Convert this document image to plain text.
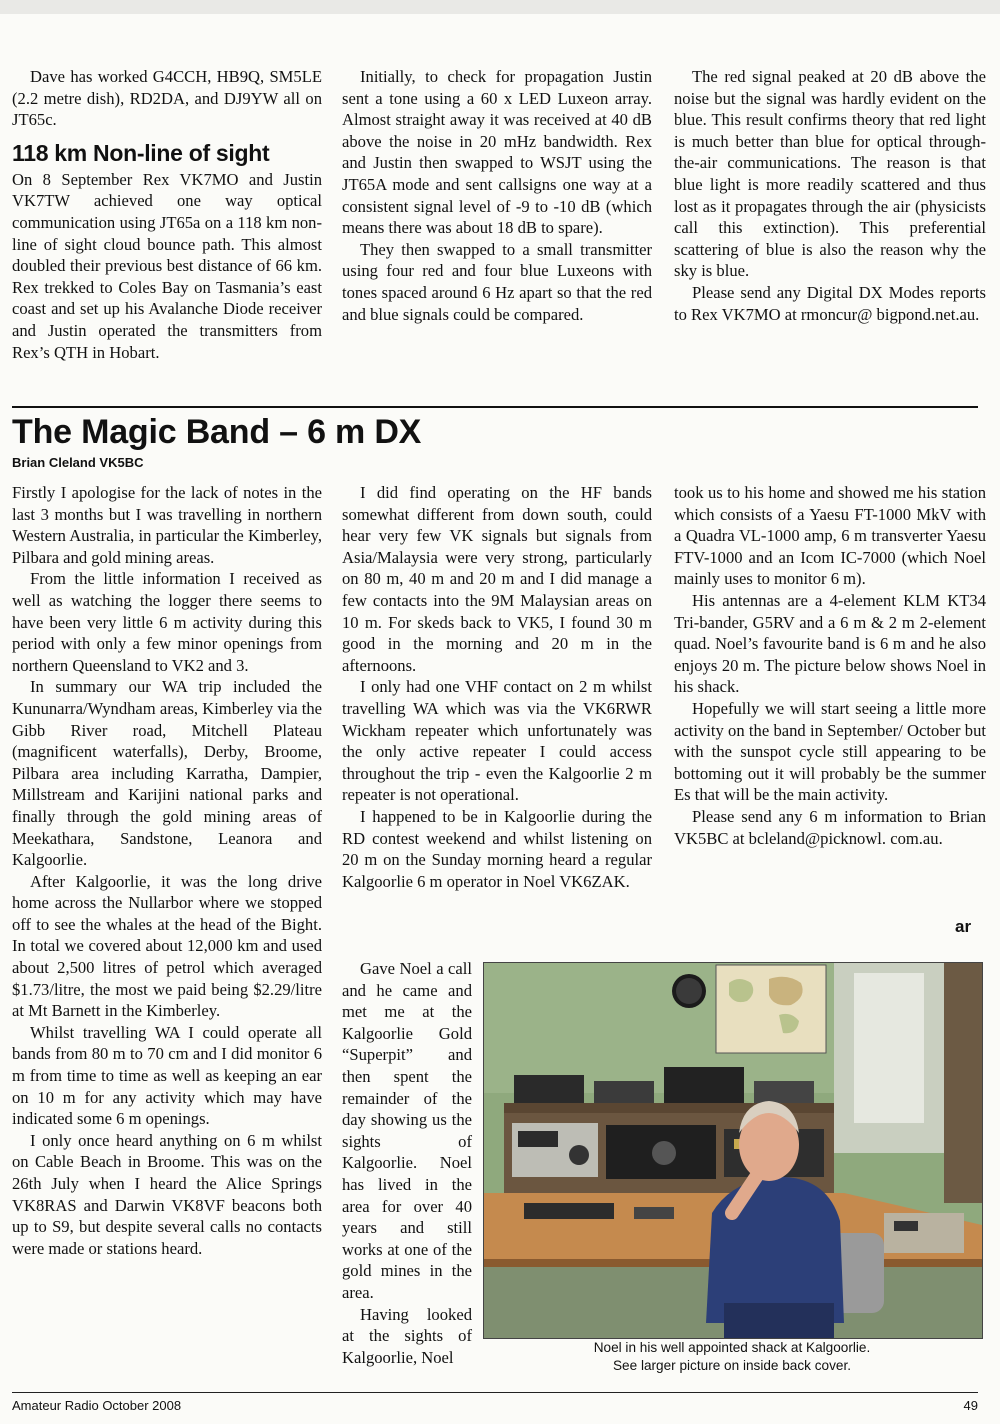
Dave has worked G4CCH, HB9Q, SM5LE (2.2 metre dish), RD2DA, and DJ9YW all on JT65c.

118 km Non-line of sight

On 8 September Rex VK7MO and Justin VK7TW achieved one way optical communication using JT65a on a 118 km non-line of sight cloud bounce path. This almost doubled their previous best distance of 66 km. Rex trekked to Coles Bay on Tasmania’s east coast and set up his Avalanche Diode receiver and Justin operated the transmitters from Rex’s QTH in Hobart.

Initially, to check for propagation Justin sent a tone using a 60 x LED Luxeon array. Almost straight away it was received at 40 dB above the noise in 20 mHz bandwidth. Rex and Justin then swapped to WSJT using the JT65A mode and sent callsigns one way at a consistent signal level of -9 to -10 dB (which means there was about 18 dB to spare).

They then swapped to a small transmitter using four red and four blue Luxeons with tones spaced around 6 Hz apart so that the red and blue signals could be compared.

The red signal peaked at 20 dB above the noise but the signal was hardly evident on the blue. This result confirms theory that red light is much better than blue for optical through-the-air communications. The reason is that blue light is more readily scattered and thus lost as it propagates through the air (physicists call this extinction). This preferential scattering of blue is also the reason why the sky is blue.

Please send any Digital DX Modes reports to Rex VK7MO at rmoncur@ bigpond.net.au.

The Magic Band – 6 m DX
Brian Cleland VK5BC

Firstly I apologise for the lack of notes in the last 3 months but I was travelling in northern Western Australia, in particular the Kimberley, Pilbara and gold mining areas.

From the little information I received as well as watching the logger there seems to have been very little 6 m activity during this period with only a few minor openings from northern Queensland to VK2 and 3.

In summary our WA trip included the Kununarra/Wyndham areas, Kimberley via the Gibb River road, Mitchell Plateau (magnificent waterfalls), Derby, Broome, Pilbara area including Karratha, Dampier, Millstream and Karijini national parks and finally through the gold mining areas of Meekathara, Sandstone, Leanora and Kalgoorlie.

After Kalgoorlie, it was the long drive home across the Nullarbor where we stopped off to see the whales at the head of the Bight. In total we covered about 12,000 km and used about 2,500 litres of petrol which averaged $1.73/litre, the most we paid being $2.29/litre at Mt Barnett in the Kimberley.

Whilst travelling WA I could operate all bands from 80 m to 70 cm and I did monitor 6 m from time to time as well as keeping an ear on 10 m for any activity which may have indicated some 6 m openings.

I only once heard anything on 6 m whilst on Cable Beach in Broome. This was on the 26th July when I heard the Alice Springs VK8RAS and Darwin VK8VF beacons both up to S9, but despite several calls no contacts were made or stations heard.

I did find operating on the HF bands somewhat different from down south, could hear very few VK signals but signals from Asia/Malaysia were very strong, particularly on 80 m, 40 m and 20 m and I did manage a few contacts into the 9M Malaysian areas on 10 m. For skeds back to VK5, I found 30 m good in the morning and 20 m in the afternoons.

I only had one VHF contact on 2 m whilst travelling WA which was via the VK6RWR Wickham repeater which unfortunately was the only active repeater I could access throughout the trip - even the Kalgoorlie 2 m repeater is not operational.

I happened to be in Kalgoorlie during the RD contest weekend and whilst listening on 20 m on the Sunday morning heard a regular Kalgoorlie 6 m operator in Noel VK6ZAK.

Gave Noel a call and he came and met me at the Kalgoorlie Gold “Superpit” and then spent the remainder of the day showing us the sights of Kalgoorlie. Noel has lived in the area for over 40 years and still works at one of the gold mines in the area.

Having looked at the sights of Kalgoorlie, Noel

took us to his home and showed me his station which consists of a Yaesu FT-1000 MkV with a Quadra VL-1000 amp, 6 m transverter Yaesu FTV-1000 and an Icom IC-7000 (which Noel mainly uses to monitor 6 m).

His antennas are a 4-element KLM KT34 Tri-bander, G5RV and a 6 m & 2 m 2-element quad. Noel’s favourite band is 6 m and he also enjoys 20 m. The picture below shows Noel in his shack.

Hopefully we will start seeing a little more activity on the band in September/ October but with the sunspot cycle still appearing to be bottoming out it will probably be the summer Es that will be the main activity.

Please send any 6 m information to Brian VK5BC at bcleland@picknowl. com.au.

ar
Noel in his well appointed shack at Kalgoorlie.
See larger picture on inside back cover.
Amateur Radio October 2008	49
